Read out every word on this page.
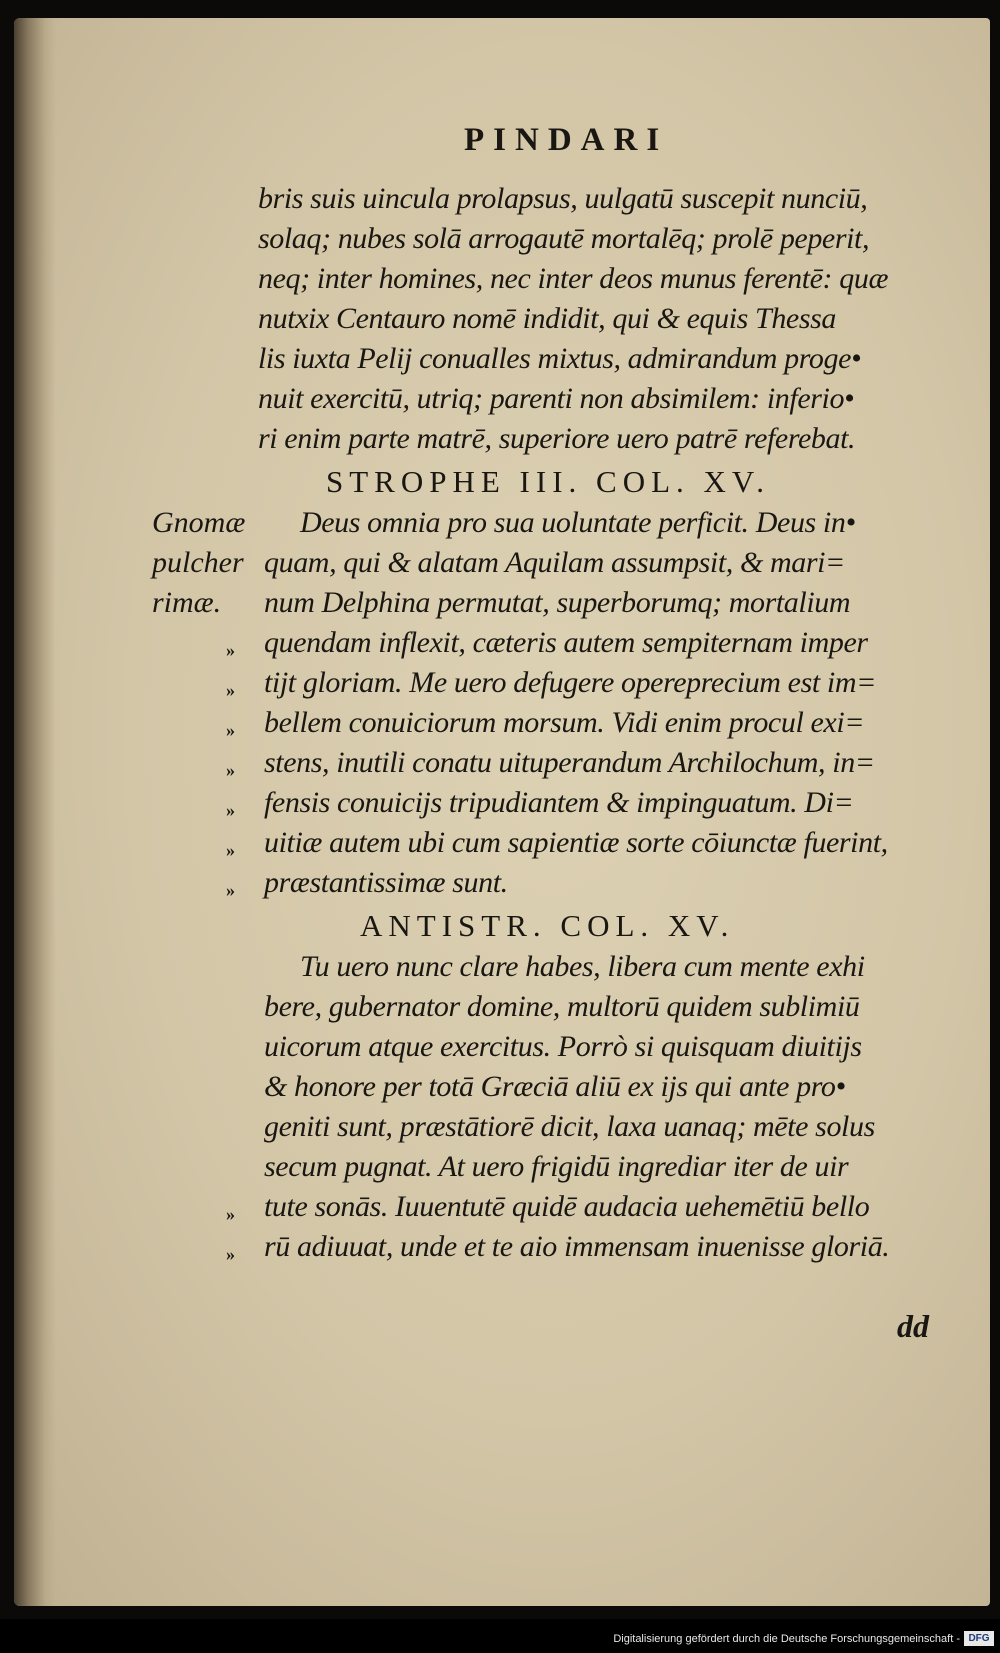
PINDARI
bris suis uincula prolapsus, uulgatū suscepit nunciū,
solaq; nubes solā arrogautē mortalēq; prolē peperit,
neq; inter homines, nec inter deos munus ferentē: quæ
nutxix Centauro nomē indidit, qui & equis Thessa
lis iuxta Pelij conualles mixtus, admirandum proge•
nuit exercitū, utriq; parenti non absimilem: inferio•
ri enim parte matrē, superiore uero patrē referebat.
STROPHE III. COL. XV.
Gnomæ
pulcher
rimæ.
Deus omnia pro sua uoluntate perficit. Deus in•
quam, qui & alatam Aquilam assumpsit, & mari=
num Delphina permutat, superborumq; mortalium
quendam inflexit, cæteris autem sempiternam imper
tijt gloriam. Me uero defugere opereprecium est im=
bellem conuiciorum morsum. Vidi enim procul exi=
stens, inutili conatu uituperandum Archilochum, in=
fensis conuicijs tripudiantem & impinguatum. Di=
uitiæ autem ubi cum sapientiæ sorte cōiunctæ fuerint,
præstantissimæ sunt.
»
»
»
»
»
»
»
ANTISTR. COL. XV.
Tu uero nunc clare habes, libera cum mente exhi
bere, gubernator domine, multorū quidem sublimiū
uicorum atque exercitus. Porrò si quisquam diuitijs
& honore per totā Græciā aliū ex ijs qui ante pro•
geniti sunt, præstātiorē dicit, laxa uanaq; mēte solus
secum pugnat. At uero frigidū ingrediar iter de uir
tute sonās. Iuuentutē quidē audacia uehemētiū bello
rū adiuuat, unde et te aio immensam inuenisse gloriā.
»
»
dd
Digitalisierung gefördert durch die Deutsche Forschungsgemeinschaft - DFG
